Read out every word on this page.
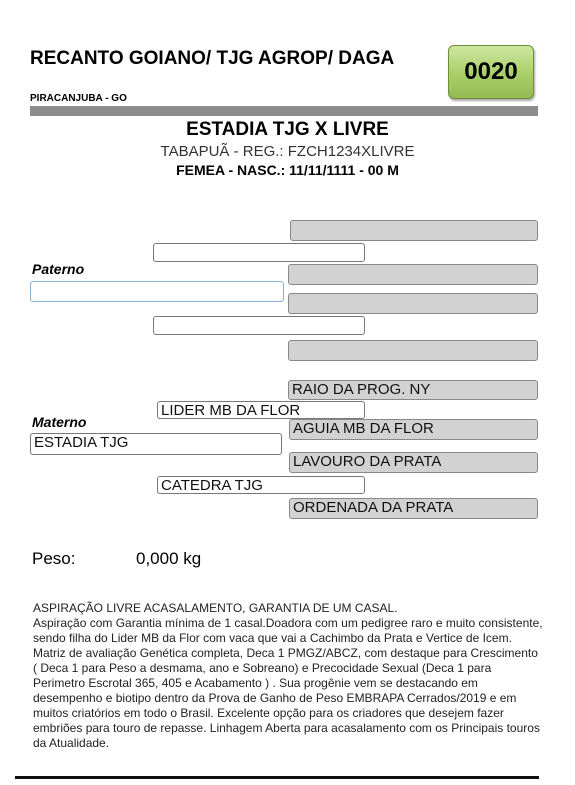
RECANTO GOIANO/ TJG AGROP/ DAGA
PIRACANJUBA - GO
0020
ESTADIA TJG X LIVRE
TABAPUÃ - REG.: FZCH1234XLIVRE
FEMEA - NASC.: 11/11/1111 - 00 M
Paterno
RAIO DA PROG. NY
LIDER MB DA FLOR
Materno	AGUIA MB DA FLOR
ESTADIA TJG
LAVOURO DA PRATA
CATEDRA TJG
ORDENADA DA PRATA
Peso:	0,000 kg

ASPIRAÇÃO LIVRE ACASALAMENTO, GARANTIA DE UM CASAL.

Aspiração com Garantia mínima de 1 casal.Doadora com um pedigree raro e muito consistente, sendo filha do Lider MB da Flor com vaca que vai a Cachimbo da Prata e Vertice de Icem. Matriz de avaliação Genética completa, Deca 1 PMGZ/ABCZ, com destaque para Crescimento ( Deca 1 para Peso a desmama, ano e Sobreano) e Precocidade Sexual (Deca 1 para Perimetro Escrotal 365, 405 e Acabamento ) . Sua progênie vem se destacando em desempenho e biotipo dentro da Prova de Ganho de Peso EMBRAPA Cerrados/2019 e em muitos criatórios em todo o Brasil. Excelente opção para os criadores que desejem fazer embriões para touro de repasse. Linhagem Aberta para acasalamento com os Principais touros da Atualidade.
